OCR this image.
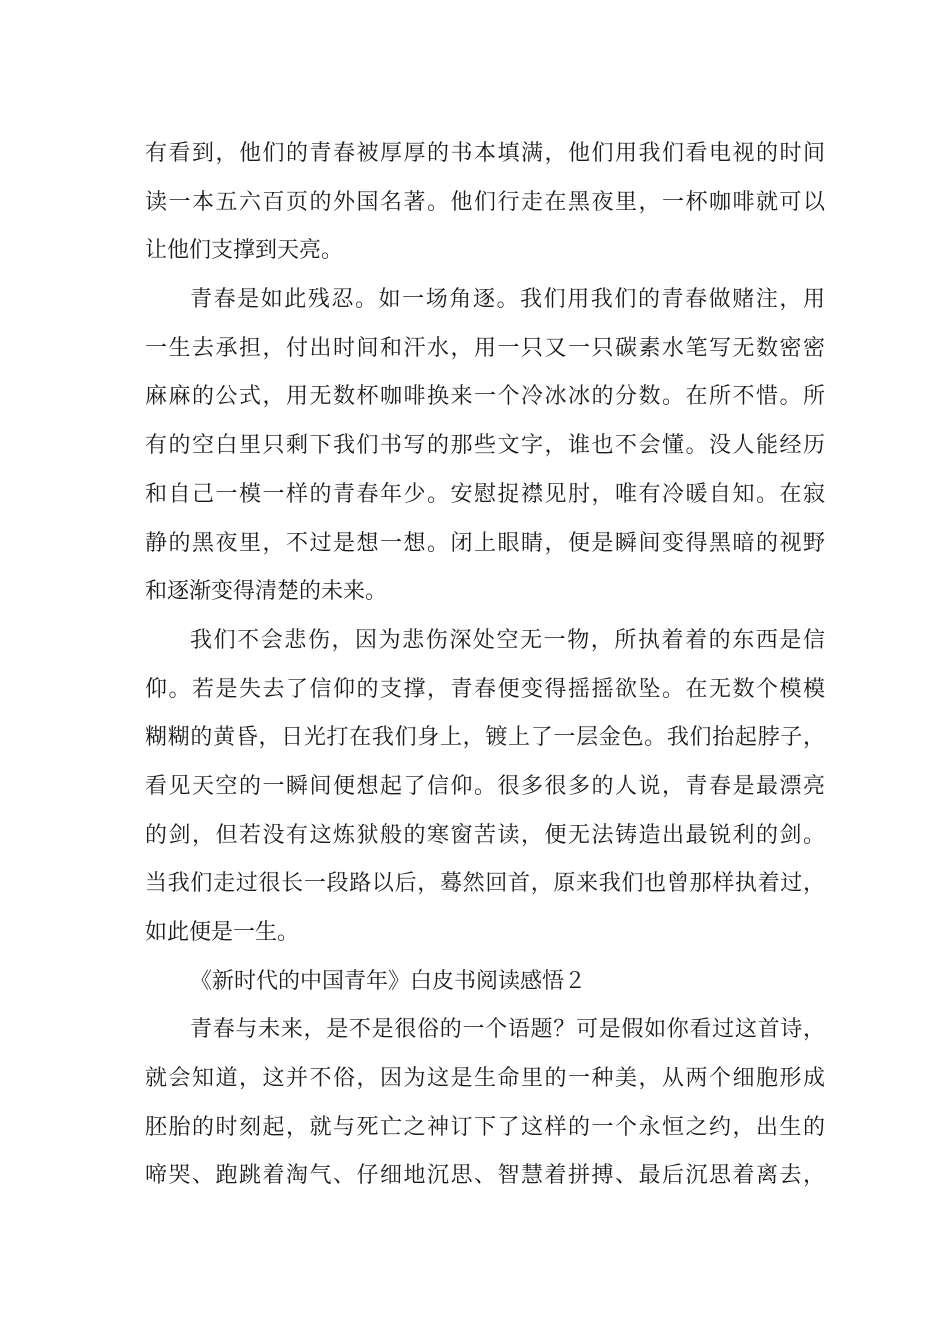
有看到，他们的青春被厚厚的书本填满，他们用我们看电视的时间
读一本五六百页的外国名著。他们行走在黑夜里，一杯咖啡就可以
让他们支撑到天亮。
青春是如此残忍。如一场角逐。我们用我们的青春做赌注，用
一生去承担，付出时间和汗水，用一只又一只碳素水笔写无数密密
麻麻的公式，用无数杯咖啡换来一个冷冰冰的分数。在所不惜。所
有的空白里只剩下我们书写的那些文字，谁也不会懂。没人能经历
和自己一模一样的青春年少。安慰捉襟见肘，唯有冷暖自知。在寂
静的黑夜里，不过是想一想。闭上眼睛，便是瞬间变得黑暗的视野
和逐渐变得清楚的未来。
我们不会悲伤，因为悲伤深处空无一物，所执着着的东西是信
仰。若是失去了信仰的支撑，青春便变得摇摇欲坠。在无数个模模
糊糊的黄昏，日光打在我们身上，镀上了一层金色。我们抬起脖子，
看见天空的一瞬间便想起了信仰。很多很多的人说，青春是最漂亮
的剑，但若没有这炼狱般的寒窗苦读，便无法铸造出最锐利的剑。
当我们走过很长一段路以后，蓦然回首，原来我们也曾那样执着过，
如此便是一生。
《新时代的中国青年》白皮书阅读感悟２
青春与未来，是不是很俗的一个语题？可是假如你看过这首诗，
就会知道，这并不俗，因为这是生命里的一种美，从两个细胞形成
胚胎的时刻起，就与死亡之神订下了这样的一个永恒之约，出生的
啼哭、跑跳着淘气、仔细地沉思、智慧着拼搏、最后沉思着离去，
